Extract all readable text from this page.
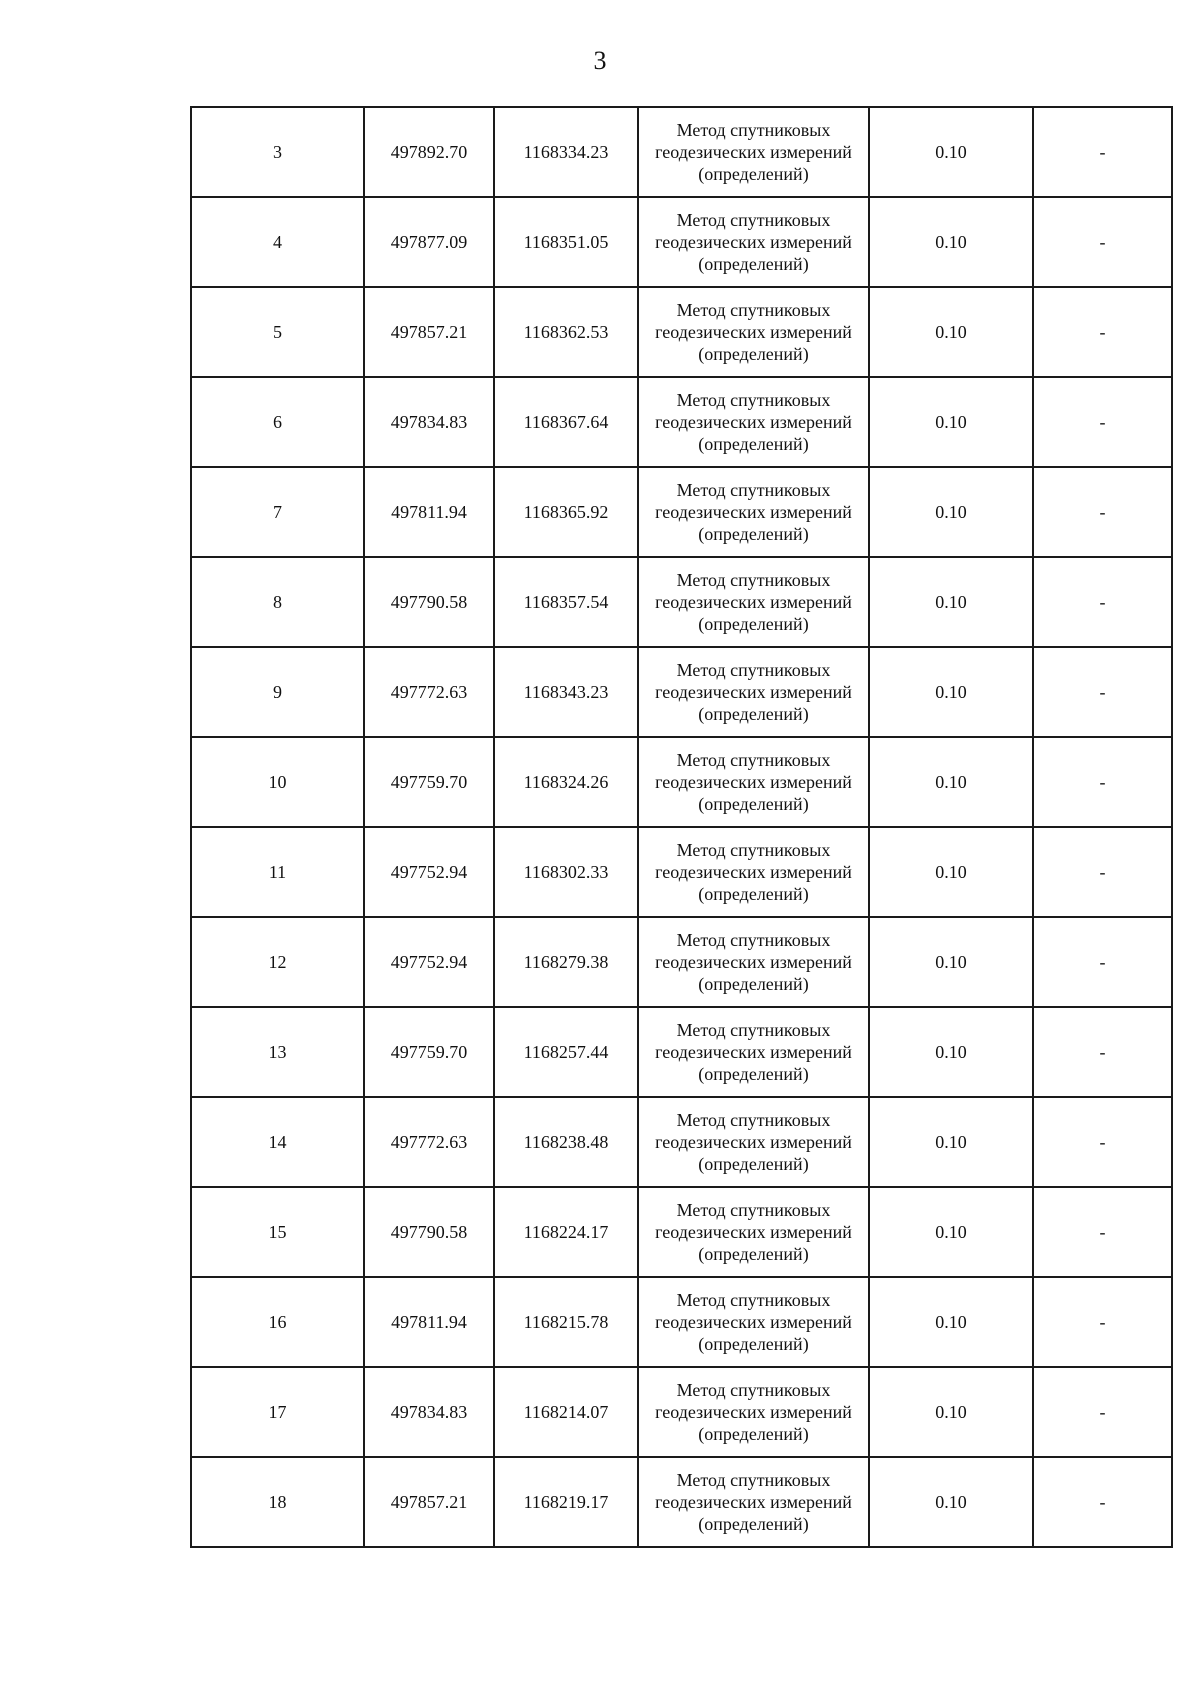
3
3	497892.70	1168334.23	Метод спутниковых
геодезических измерений
(определений)	0.10	-
4	497877.09	1168351.05	Метод спутниковых
геодезических измерений
(определений)	0.10	-
5	497857.21	1168362.53	Метод спутниковых
геодезических измерений
(определений)	0.10	-
6	497834.83	1168367.64	Метод спутниковых
геодезических измерений
(определений)	0.10	-
7	497811.94	1168365.92	Метод спутниковых
геодезических измерений
(определений)	0.10	-
8	497790.58	1168357.54	Метод спутниковых
геодезических измерений
(определений)	0.10	-
9	497772.63	1168343.23	Метод спутниковых
геодезических измерений
(определений)	0.10	-
10	497759.70	1168324.26	Метод спутниковых
геодезических измерений
(определений)	0.10	-
11	497752.94	1168302.33	Метод спутниковых
геодезических измерений
(определений)	0.10	-
12	497752.94	1168279.38	Метод спутниковых
геодезических измерений
(определений)	0.10	-
13	497759.70	1168257.44	Метод спутниковых
геодезических измерений
(определений)	0.10	-
14	497772.63	1168238.48	Метод спутниковых
геодезических измерений
(определений)	0.10	-
15	497790.58	1168224.17	Метод спутниковых
геодезических измерений
(определений)	0.10	-
16	497811.94	1168215.78	Метод спутниковых
геодезических измерений
(определений)	0.10	-
17	497834.83	1168214.07	Метод спутниковых
геодезических измерений
(определений)	0.10	-
18	497857.21	1168219.17	Метод спутниковых
геодезических измерений
(определений)	0.10	-
